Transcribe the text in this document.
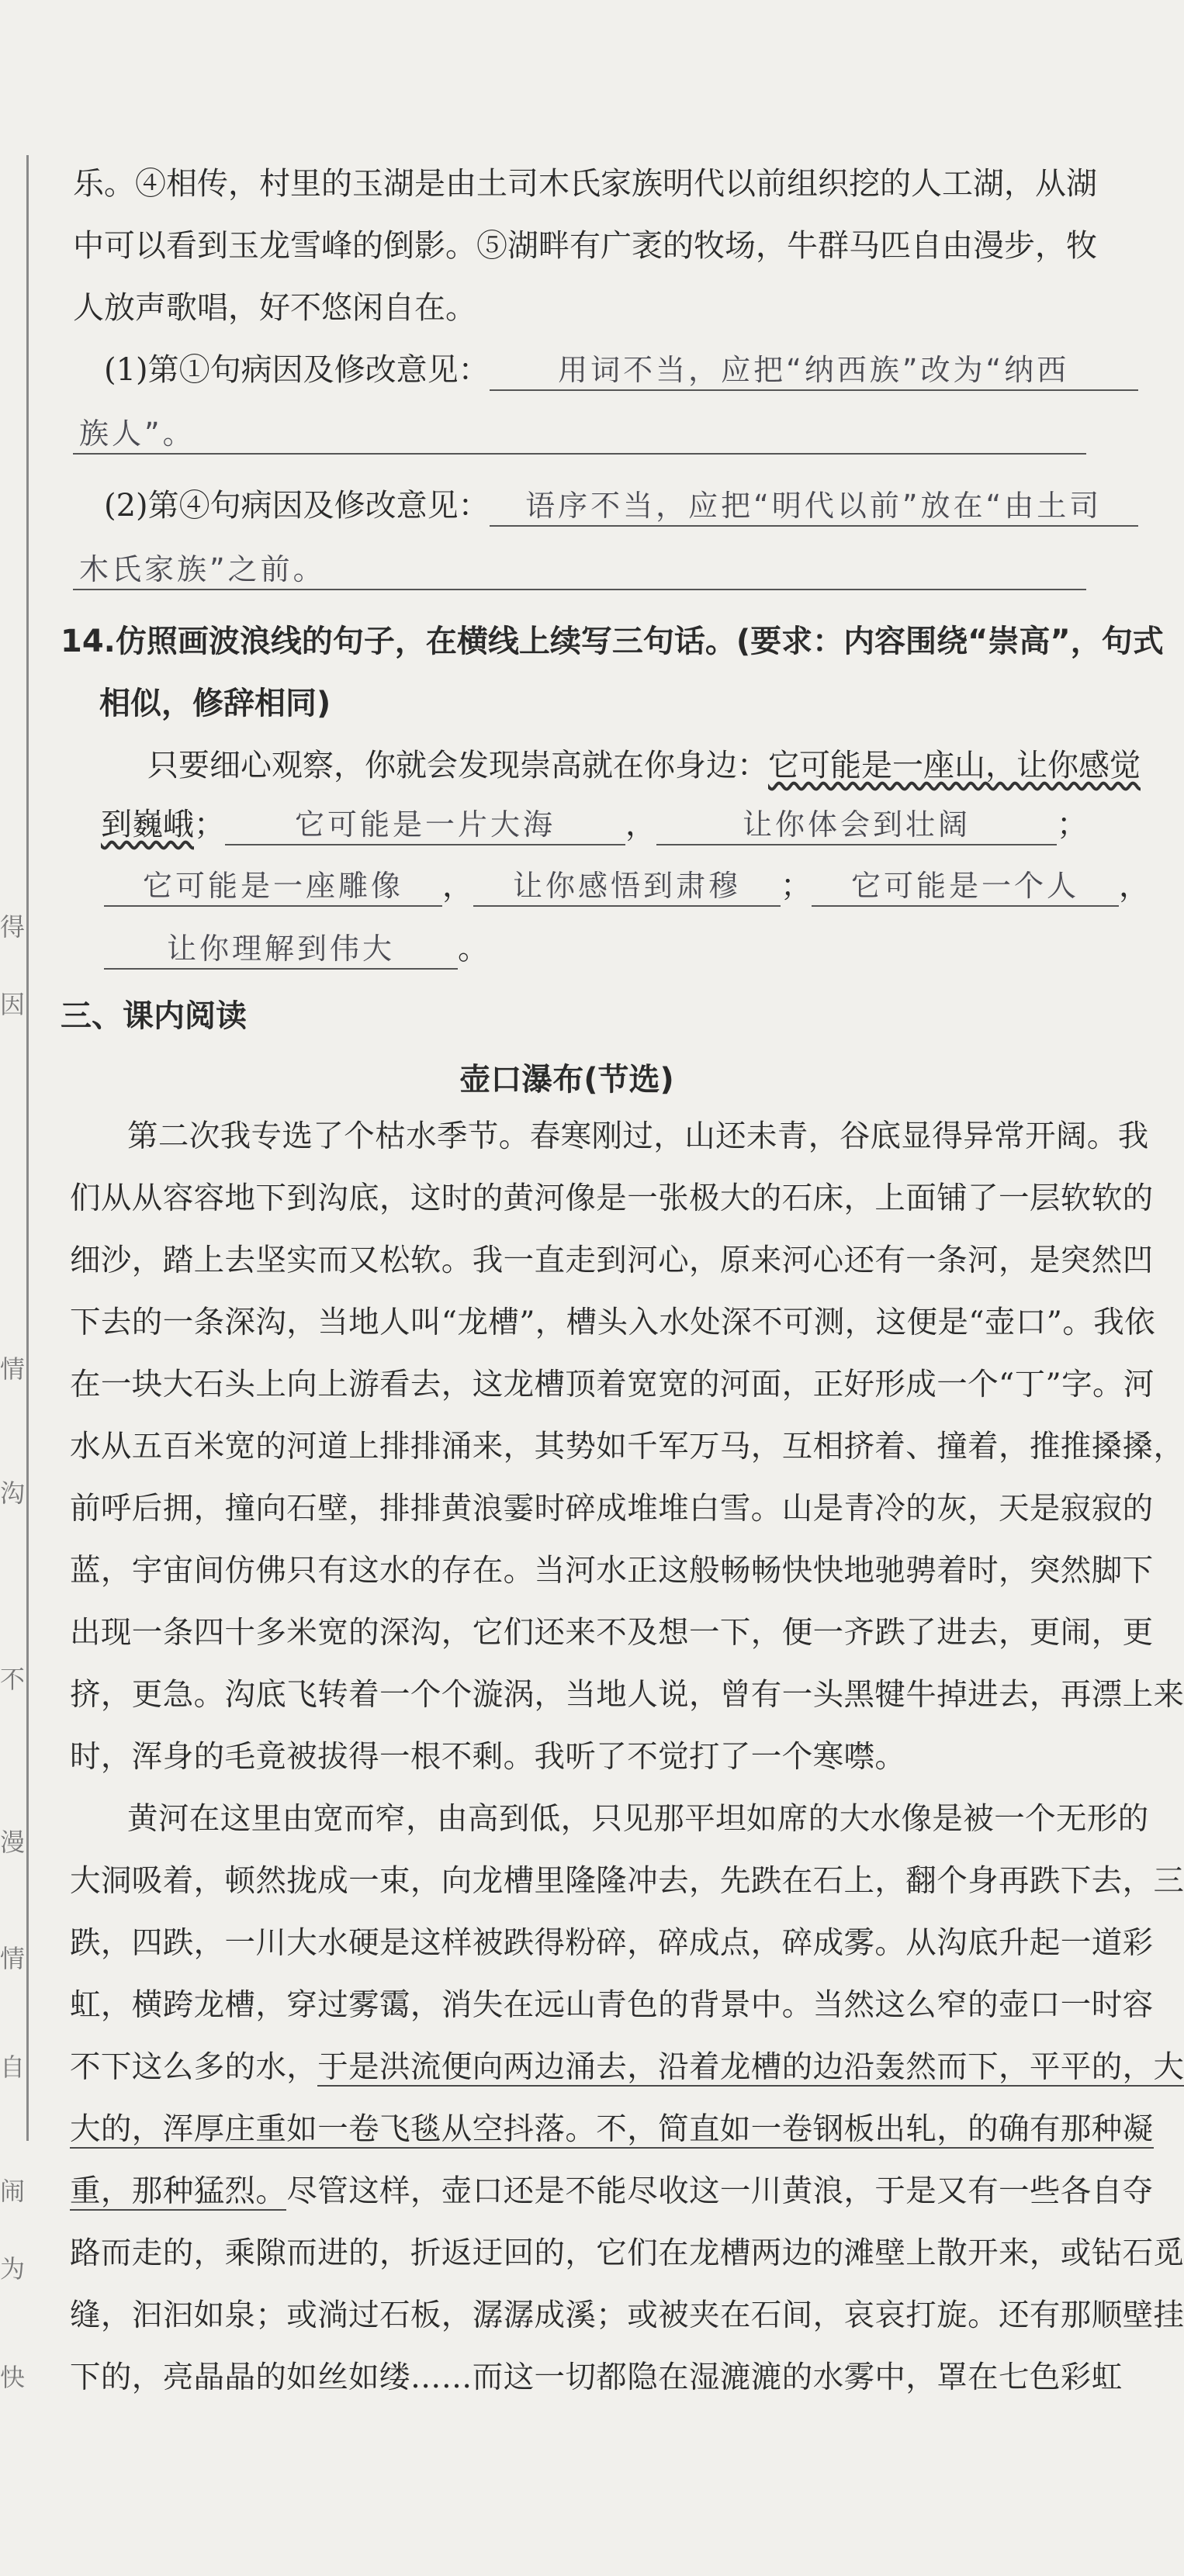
得
因
情
沟
不
漫
情
自
闹
为
快
乐。④相传，村里的玉湖是由土司木氏家族明代以前组织挖的人工湖，从湖
中可以看到玉龙雪峰的倒影。⑤湖畔有广袤的牧场，牛群马匹自由漫步，牧
人放声歌唱，好不悠闲自在。
(1)第①句病因及修改意见： 用词不当，应把“纳西族”改为“纳西
族人”。
(2)第④句病因及修改意见： 语序不当，应把“明代以前”放在“由土司
木氏家族”之前。
14.仿照画波浪线的句子，在横线上续写三句话。(要求：内容围绕“崇高”，句式
相似，修辞相同)
只要细心观察，你就会发现崇高就在你身边：它可能是一座山，让你感觉
到巍峨； 它可能是一片大海 ，	让你体会到壮阔	；
它可能是一座雕像 ， 让你感悟到肃穆 ； 它可能是一个人 ，
让你理解到伟大 。
三、课内阅读
壶口瀑布(节选)
第二次我专选了个枯水季节。春寒刚过，山还未青，谷底显得异常开阔。我
们从从容容地下到沟底，这时的黄河像是一张极大的石床，上面铺了一层软软的
细沙，踏上去坚实而又松软。我一直走到河心，原来河心还有一条河，是突然凹
下去的一条深沟，当地人叫“龙槽”，槽头入水处深不可测，这便是“壶口”。我依
在一块大石头上向上游看去，这龙槽顶着宽宽的河面，正好形成一个“丁”字。河
水从五百米宽的河道上排排涌来，其势如千军万马，互相挤着、撞着，推推搡搡，
前呼后拥，撞向石壁，排排黄浪霎时碎成堆堆白雪。山是青冷的灰，天是寂寂的
蓝，宇宙间仿佛只有这水的存在。当河水正这般畅畅快快地驰骋着时，突然脚下
出现一条四十多米宽的深沟，它们还来不及想一下，便一齐跌了进去，更闹，更
挤，更急。沟底飞转着一个个漩涡，当地人说，曾有一头黑犍牛掉进去，再漂上来
时，浑身的毛竟被拔得一根不剩。我听了不觉打了一个寒噤。
黄河在这里由宽而窄，由高到低，只见那平坦如席的大水像是被一个无形的
大洞吸着，顿然拢成一束，向龙槽里隆隆冲去，先跌在石上，翻个身再跌下去，三
跌，四跌，一川大水硬是这样被跌得粉碎，碎成点，碎成雾。从沟底升起一道彩
虹，横跨龙槽，穿过雾霭，消失在远山青色的背景中。当然这么窄的壶口一时容
不下这么多的水，于是洪流便向两边涌去，沿着龙槽的边沿轰然而下，平平的，大
大的，浑厚庄重如一卷飞毯从空抖落。不，简直如一卷钢板出轧，的确有那种凝
重，那种猛烈。尽管这样，壶口还是不能尽收这一川黄浪，于是又有一些各自夺
路而走的，乘隙而进的，折返迂回的，它们在龙槽两边的滩壁上散开来，或钻石觅
缝，汩汩如泉；或淌过石板，潺潺成溪；或被夹在石间，哀哀打旋。还有那顺壁挂
下的，亮晶晶的如丝如缕……而这一切都隐在湿漉漉的水雾中，罩在七色彩虹
